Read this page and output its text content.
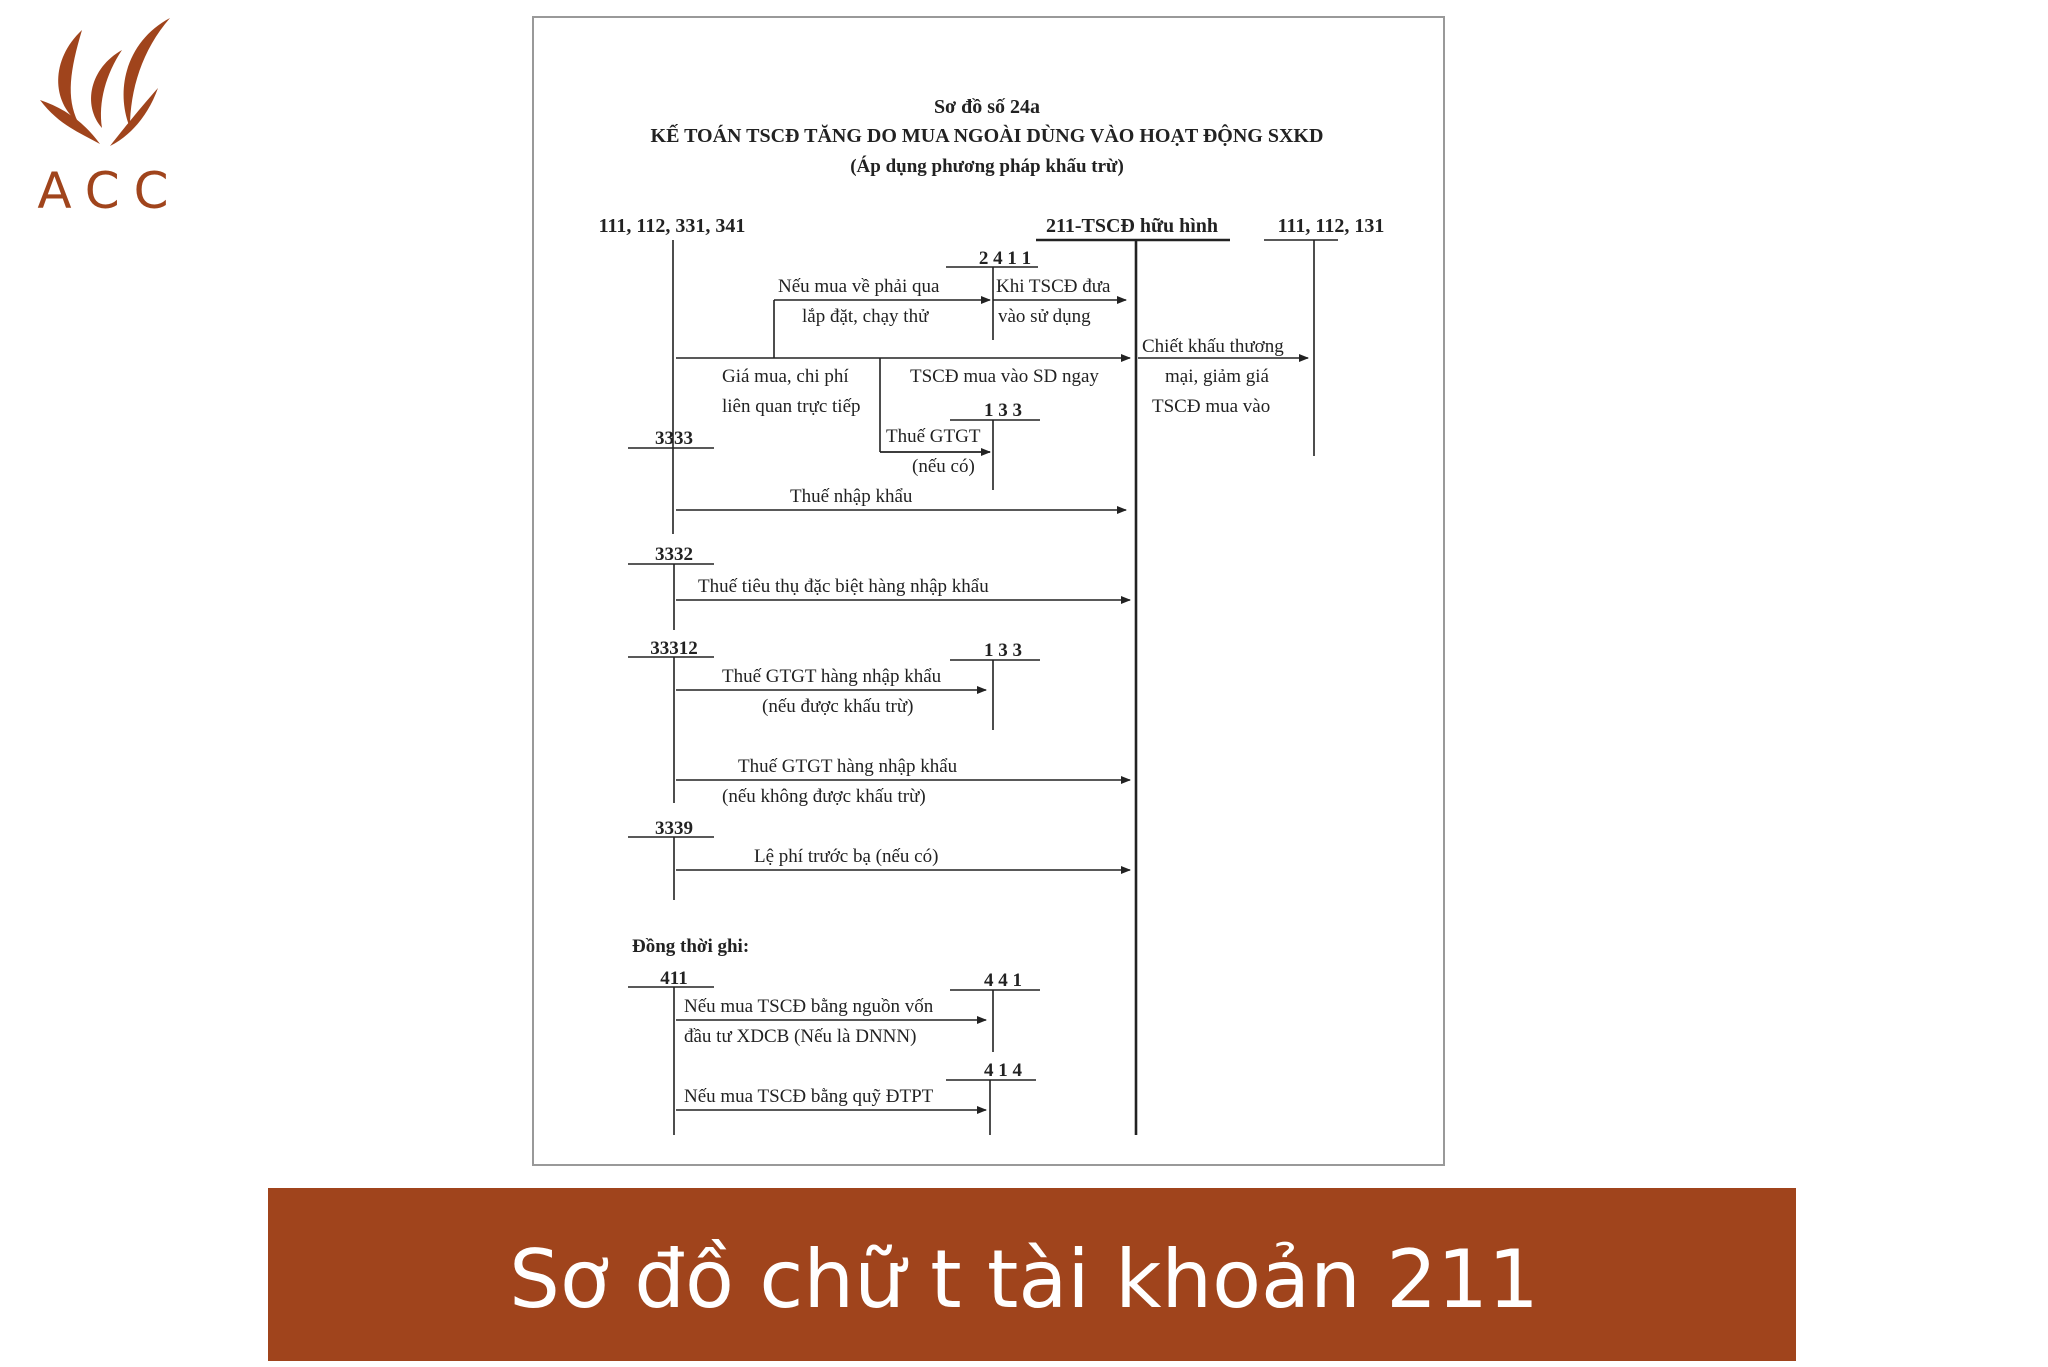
ACC
Sơ đồ số 24a
KẾ TOÁN TSCĐ TĂNG DO MUA NGOÀI DÙNG VÀO HOẠT ĐỘNG SXKD
(Áp dụng phương pháp khấu trừ)
111, 112, 331, 341	211-TSCĐ hữu hình	111, 112, 131
2 4 1 1
1 3 3
3333
3332
33312	1 3 3
3339
411	4 4 1
4 1 4
Nếu mua về phải qua
lắp đặt, chạy thử
Khi TSCĐ đưa
vào sử dụng
Chiết khấu thương
mại, giảm giá
TSCĐ mua vào
Giá mua, chi phí
liên quan trực tiếp
TSCĐ mua vào SD ngay
Thuế GTGT
(nếu có)
Thuế nhập khẩu
Thuế tiêu thụ đặc biệt hàng nhập khẩu
Thuế GTGT hàng nhập khẩu
(nếu được khấu trừ)
Thuế GTGT hàng nhập khẩu
(nếu không được khấu trừ)
Lệ phí trước bạ (nếu có)
Đồng thời ghi:
Nếu mua TSCĐ bằng nguồn vốn
đầu tư XDCB (Nếu là DNNN)
Nếu mua TSCĐ bằng quỹ ĐTPT
Sơ đồ chữ t tài khoản 211
